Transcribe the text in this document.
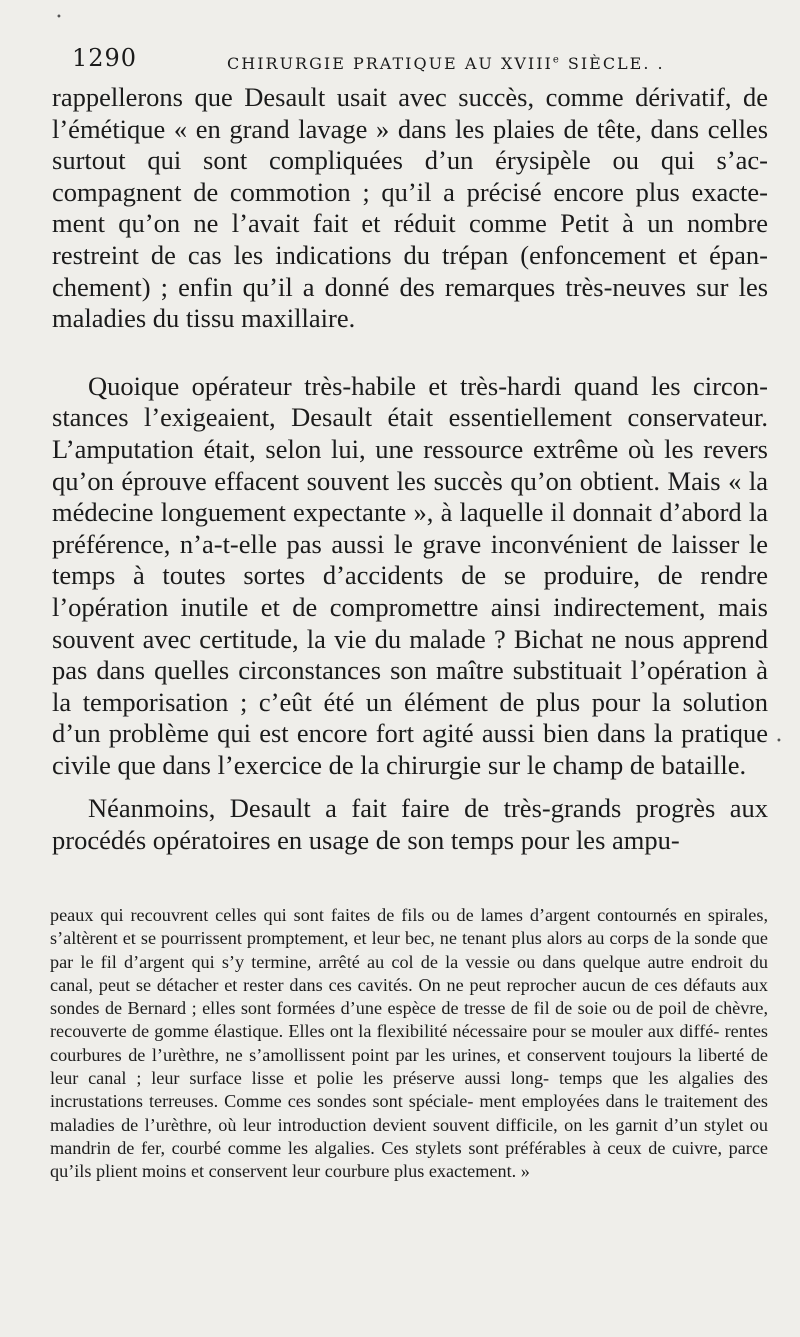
1290	CHIRURGIE PRATIQUE AU XVIIIe SIÈCLE. .

rappellerons que Desault usait avec succès, comme dérivatif, de l’émétique « en grand lavage » dans les plaies de tête, dans celles surtout qui sont compliquées d’un érysipèle ou qui s’ac- compagnent de commotion ; qu’il a précisé encore plus exacte- ment qu’on ne l’avait fait et réduit comme Petit à un nombre restreint de cas les indications du trépan (enfoncement et épan- chement) ; enfin qu’il a donné des remarques très-neuves sur les maladies du tissu maxillaire.

Quoique opérateur très-habile et très-hardi quand les circon- stances l’exigeaient, Desault était essentiellement conservateur. L’amputation était, selon lui, une ressource extrême où les revers qu’on éprouve effacent souvent les succès qu’on obtient. Mais « la médecine longuement expectante », à laquelle il donnait d’abord la préférence, n’a-t-elle pas aussi le grave inconvénient de laisser le temps à toutes sortes d’accidents de se produire, de rendre l’opération inutile et de compromettre ainsi indirectement, mais souvent avec certitude, la vie du malade ? Bichat ne nous apprend pas dans quelles circonstances son maître substituait l’opération à la temporisation ; c’eût été un élément de plus pour la solution d’un problème qui est encore fort agité aussi bien dans la pratique civile que dans l’exercice de la chirurgie sur le champ de bataille.

Néanmoins, Desault a fait faire de très-grands progrès aux procédés opératoires en usage de son temps pour les ampu-

peaux qui recouvrent celles qui sont faites de fils ou de lames d’argent contournés en spirales, s’altèrent et se pourrissent promptement, et leur bec, ne tenant plus alors au corps de la sonde que par le fil d’argent qui s’y termine, arrêté au col de la vessie ou dans quelque autre endroit du canal, peut se détacher et rester dans ces cavités. On ne peut reprocher aucun de ces défauts aux sondes de Bernard ; elles sont formées d’une espèce de tresse de fil de soie ou de poil de chèvre, recouverte de gomme élastique. Elles ont la flexibilité nécessaire pour se mouler aux diffé- rentes courbures de l’urèthre, ne s’amollissent point par les urines, et conservent toujours la liberté de leur canal ; leur surface lisse et polie les préserve aussi long- temps que les algalies des incrustations terreuses. Comme ces sondes sont spéciale- ment employées dans le traitement des maladies de l’urèthre, où leur introduction devient souvent difficile, on les garnit d’un stylet ou mandrin de fer, courbé comme les algalies. Ces stylets sont préférables à ceux de cuivre, parce qu’ils plient moins et conservent leur courbure plus exactement. »
•
•
